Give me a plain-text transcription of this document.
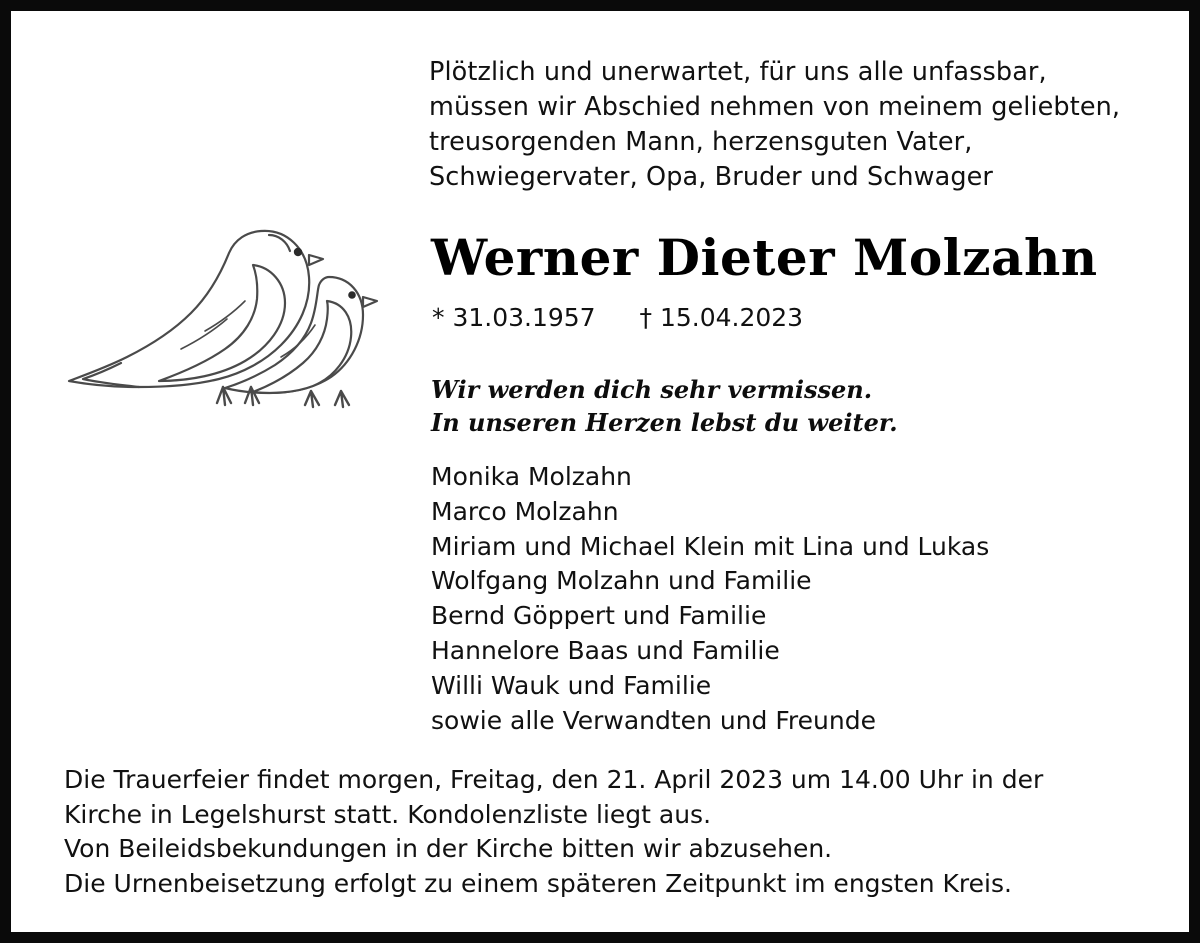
Plötzlich und unerwartet, für uns alle unfassbar,
müssen wir Abschied nehmen von meinem geliebten,
treusorgenden Mann, herzensguten Vater,
Schwiegervater, Opa, Bruder und Schwager
Werner Dieter Molzahn
* 31.03.1957 † 15.04.2023
Wir werden dich sehr vermissen.
In unseren Herzen lebst du weiter.
Monika Molzahn
Marco Molzahn
Miriam und Michael Klein mit Lina und Lukas
Wolfgang Molzahn und Familie
Bernd Göppert und Familie
Hannelore Baas und Familie
Willi Wauk und Familie
sowie alle Verwandten und Freunde
Die Trauerfeier findet morgen, Freitag, den 21. April 2023 um 14.00 Uhr in der
Kirche in Legelshurst statt. Kondolenzliste liegt aus.
Von Beileidsbekundungen in der Kirche bitten wir abzusehen.
Die Urnenbeisetzung erfolgt zu einem späteren Zeitpunkt im engsten Kreis.
